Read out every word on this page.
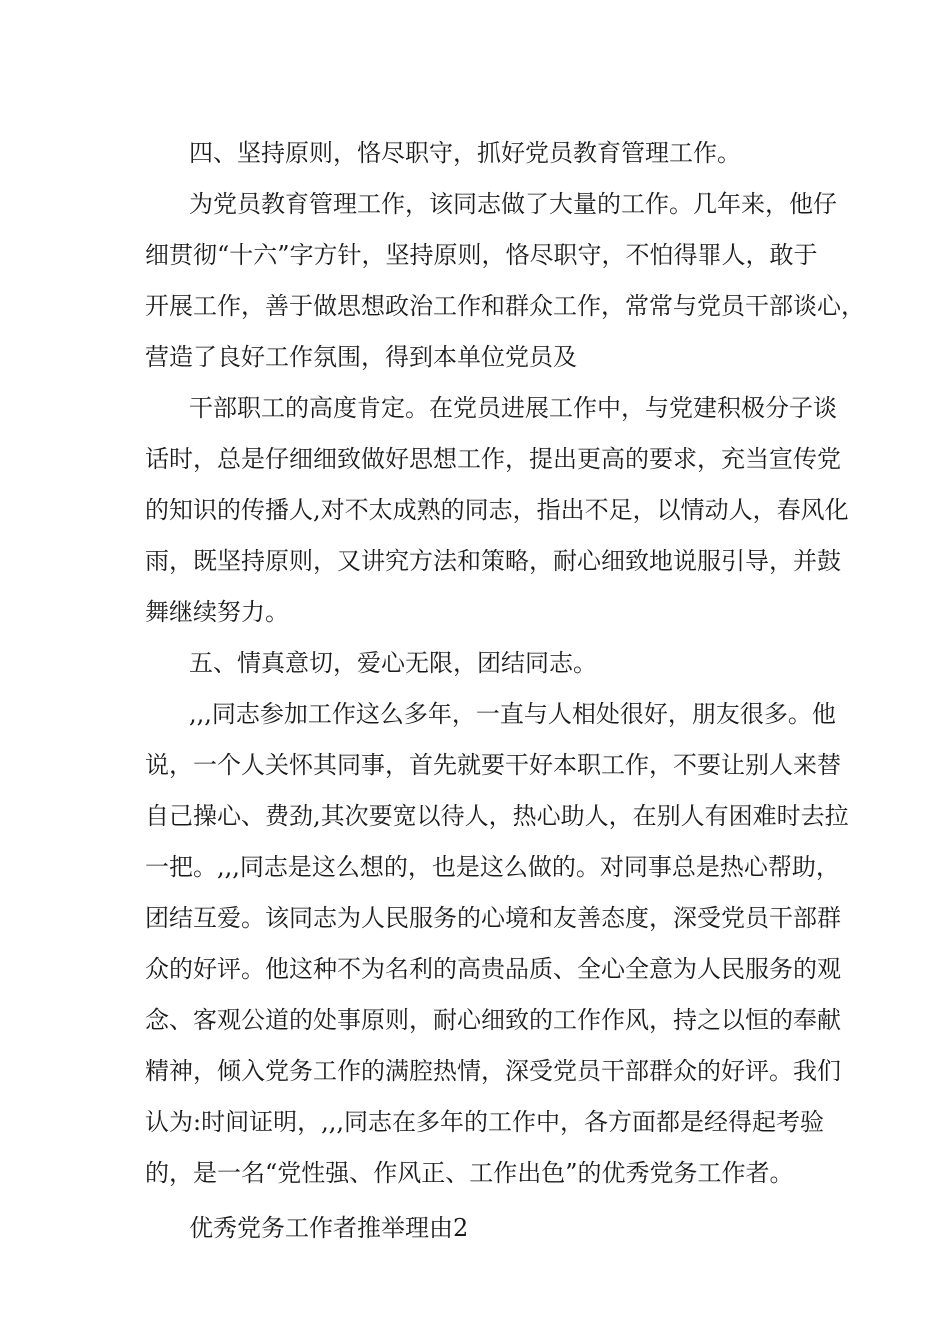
四、坚持原则，恪尽职守，抓好党员教育管理工作。
为党员教育管理工作，该同志做了大量的工作。几年来，他仔
细贯彻“十六”字方针，坚持原则，恪尽职守，不怕得罪人，敢于
开展工作，善于做思想政治工作和群众工作，常常与党员干部谈心，
营造了良好工作氛围，得到本单位党员及
干部职工的高度肯定。在党员进展工作中，与党建积极分子谈
话时，总是仔细细致做好思想工作，提出更高的要求，充当宣传党
的知识的传播人,对不太成熟的同志，指出不足，以情动人，春风化
雨，既坚持原则，又讲究方法和策略，耐心细致地说服引导，并鼓
舞继续努力。
五、情真意切，爱心无限，团结同志。
,,,同志参加工作这么多年，一直与人相处很好，朋友很多。他
说，一个人关怀其同事，首先就要干好本职工作，不要让别人来替
自己操心、费劲,其次要宽以待人，热心助人，在别人有困难时去拉
一把。,,,同志是这么想的，也是这么做的。对同事总是热心帮助，
团结互爱。该同志为人民服务的心境和友善态度，深受党员干部群
众的好评。他这种不为名利的高贵品质、全心全意为人民服务的观
念、客观公道的处事原则，耐心细致的工作作风，持之以恒的奉献
精神，倾入党务工作的满腔热情，深受党员干部群众的好评。我们
认为:时间证明，,,,同志在多年的工作中，各方面都是经得起考验
的，是一名“党性强、作风正、工作出色”的优秀党务工作者。
优秀党务工作者推举理由2
